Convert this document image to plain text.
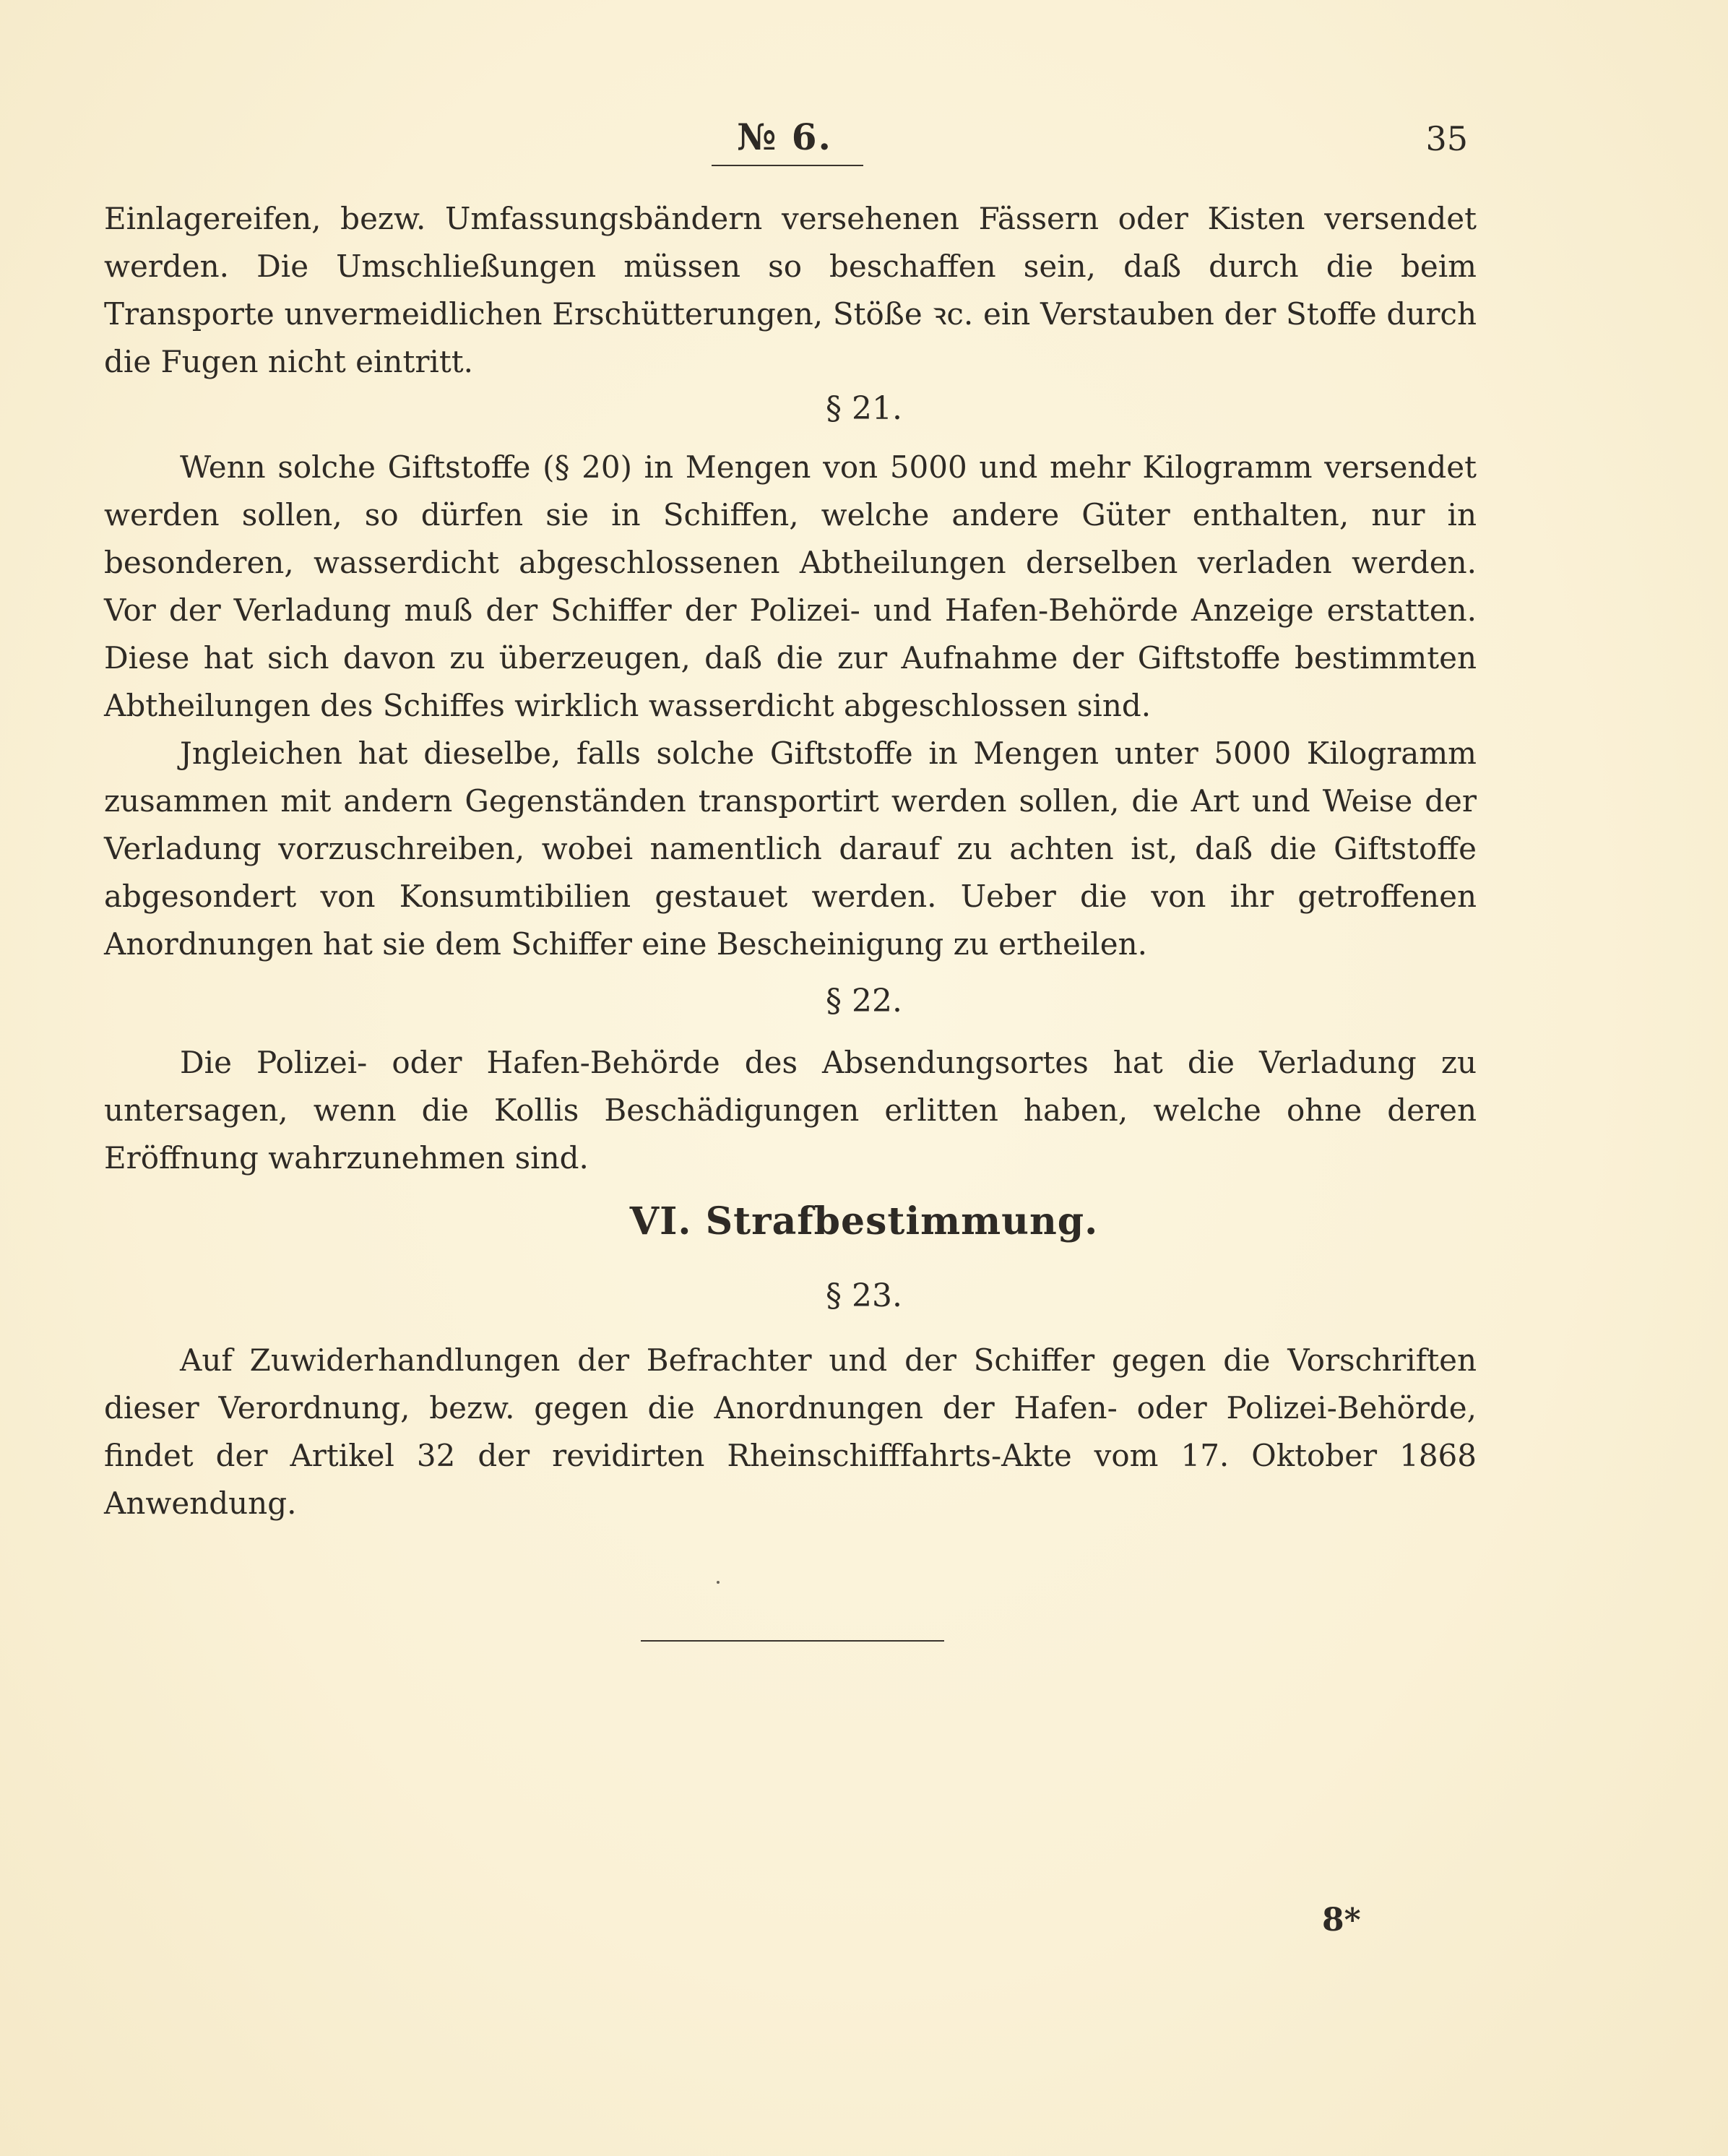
№ 6.	35

Einlagereifen, bezw. Umfassungsbändern versehenen Fässern oder Kisten versendet werden. Die Umschließungen müssen so beschaffen sein, daß durch die beim Transporte unvermeidlichen Erschütterungen, Stöße ꝛc. ein Verstauben der Stoffe durch die Fugen nicht eintritt.

§ 21.

Wenn solche Giftstoffe (§ 20) in Mengen von 5000 und mehr Kilogramm versendet werden sollen, so dürfen sie in Schiffen, welche andere Güter enthalten, nur in besonderen, wasserdicht abgeschlossenen Abtheilungen derselben verladen werden. Vor der Verladung muß der Schiffer der Polizei- und Hafen-Behörde Anzeige erstatten. Diese hat sich davon zu überzeugen, daß die zur Aufnahme der Giftstoffe bestimmten Abtheilungen des Schiffes wirklich wasserdicht abgeschlossen sind.

Jngleichen hat dieselbe, falls solche Giftstoffe in Mengen unter 5000 Kilogramm zusammen mit andern Gegenständen transportirt werden sollen, die Art und Weise der Verladung vorzuschreiben, wobei namentlich darauf zu achten ist, daß die Giftstoffe abgesondert von Konsumtibilien gestauet werden. Ueber die von ihr getroffenen Anordnungen hat sie dem Schiffer eine Bescheinigung zu ertheilen.

§ 22.

Die Polizei- oder Hafen-Behörde des Absendungsortes hat die Verladung zu untersagen, wenn die Kollis Beschädigungen erlitten haben, welche ohne deren Eröffnung wahrzunehmen sind.

VI. Strafbestimmung.
§ 23.

Auf Zuwiderhandlungen der Befrachter und der Schiffer gegen die Vorschriften dieser Verordnung, bezw. gegen die Anordnungen der Hafen- oder Polizei-Behörde, findet der Artikel 32 der revidirten Rheinschifffahrts-Akte vom 17. Oktober 1868 Anwendung.

8*
